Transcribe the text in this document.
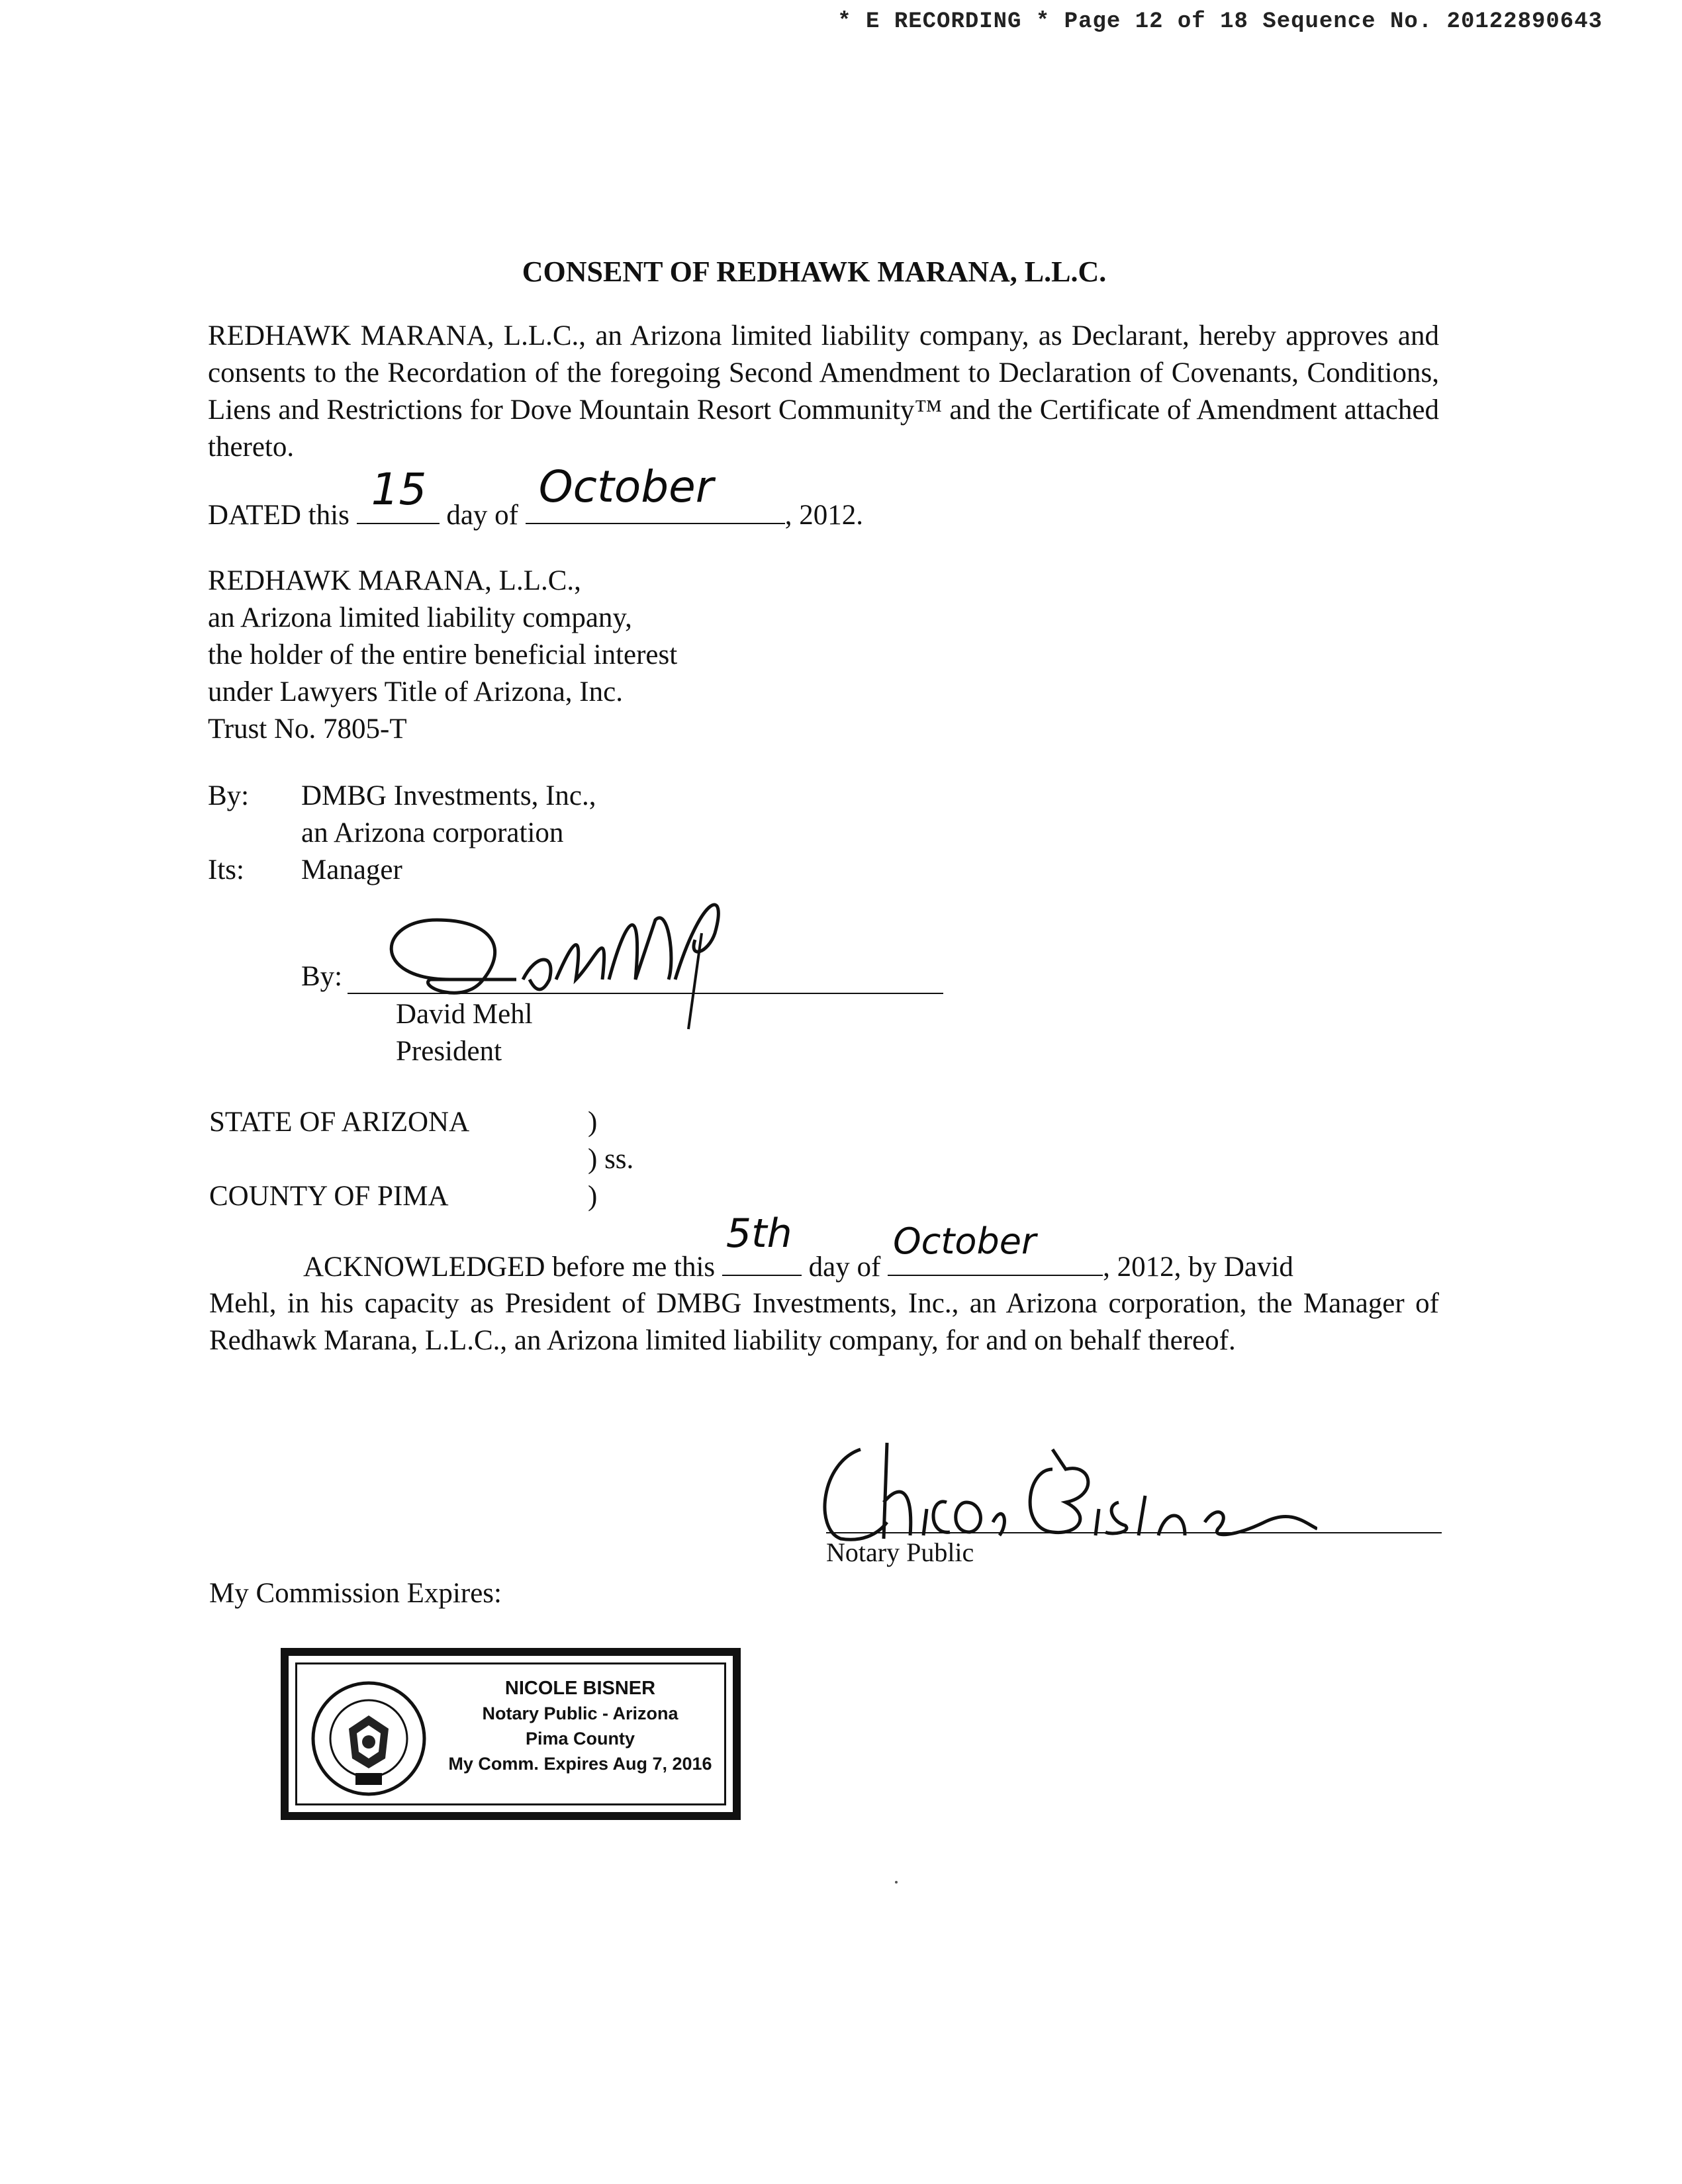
* E RECORDING * Page 12 of 18 Sequence No. 20122890643
CONSENT OF REDHAWK MARANA, L.L.C.
REDHAWK MARANA, L.L.C., an Arizona limited liability company, as Declarant, hereby approves and consents to the Recordation of the foregoing Second Amendment to Declaration of Covenants, Conditions, Liens and Restrictions for Dove Mountain Resort Community™ and the Certificate of Amendment attached thereto.
DATED this
15
day of
October
, 2012.
REDHAWK MARANA, L.L.C.,
an Arizona limited liability company,
the holder of the entire beneficial interest
under Lawyers Title of Arizona, Inc.
Trust No. 7805-T
By: DMBG Investments, Inc.,
an Arizona corporation
Its: Manager
By:
David Mehl
President
STATE OF ARIZONA	)
) ss.
COUNTY OF PIMA	)
ACKNOWLEDGED before me this
5th
day of
October
, 2012, by David
Mehl, in his capacity as President of DMBG Investments, Inc., an Arizona corporation, the Manager of Redhawk Marana, L.L.C., an Arizona limited liability company, for and on behalf thereof.
Notary Public
My Commission Expires:
NICOLE BISNER
Notary Public - Arizona
Pima County
My Comm. Expires Aug 7, 2016
